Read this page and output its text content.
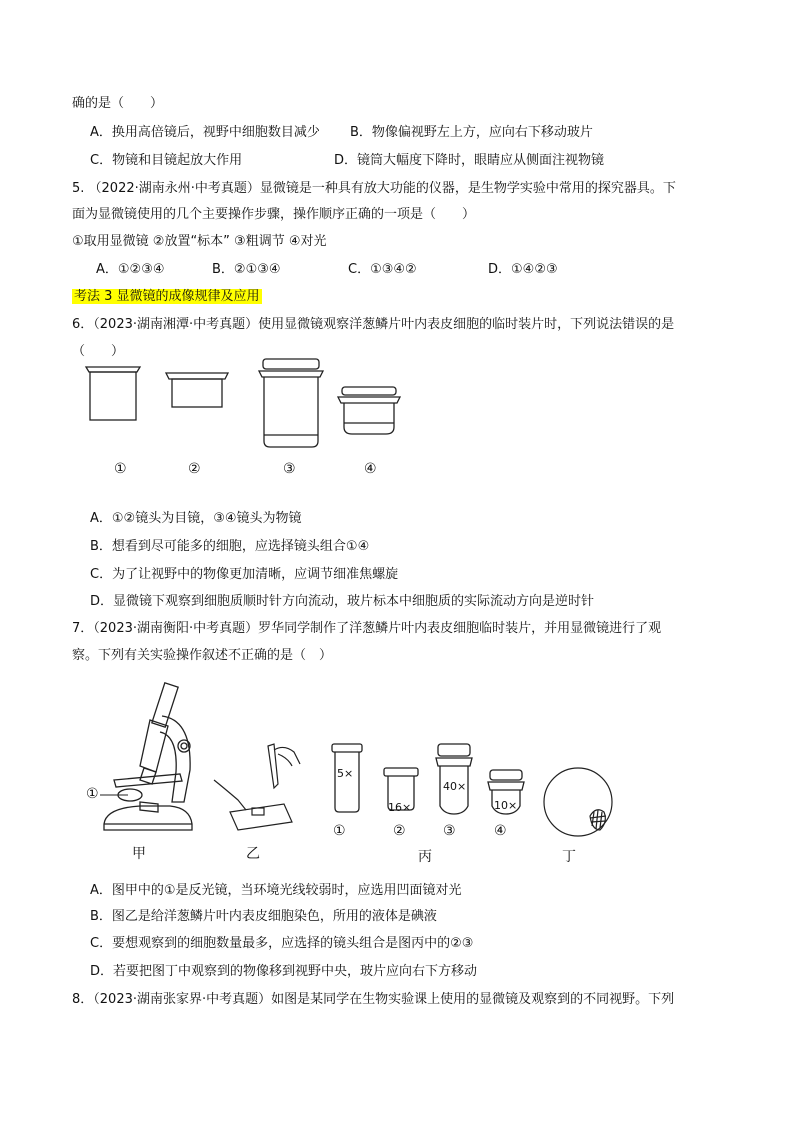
确的是（　　）
A．换用高倍镜后，视野中细胞数目减少 B．物像偏视野左上方，应向右下移动玻片
C．物镜和目镜起放大作用	D．镜筒大幅度下降时，眼睛应从侧面注视物镜
5. （2022·湖南永州·中考真题）显微镜是一种具有放大功能的仪器，是生物学实验中常用的探究器具。下
面为显微镜使用的几个主要操作步骤，操作顺序正确的一项是（　　）
①取用显微镜 ②放置“标本” ③粗调节 ④对光
A．①②③④	B．②①③④	C．①③④②	D．①④②③
考法 3 显微镜的成像规律及应用
6．（2023·湖南湘潭·中考真题）使用显微镜观察洋葱鳞片叶内表皮细胞的临时装片时，下列说法错误的是
（　　）
①	②	③	④
A．①②镜头为目镜，③④镜头为物镜
B．想看到尽可能多的细胞，应选择镜头组合①④
C．为了让视野中的物像更加清晰，应调节细准焦螺旋
D．显微镜下观察到细胞质顺时针方向流动，玻片标本中细胞质的实际流动方向是逆时针
7．（2023·湖南衡阳·中考真题）罗华同学制作了洋葱鳞片叶内表皮细胞临时装片，并用显微镜进行了观
察。下列有关实验操作叙述不正确的是（　）
①
甲	乙
5×
16×
40×
10×
①	②	③	④
丙	丁
A．图甲中的①是反光镜，当环境光线较弱时，应选用凹面镜对光
B．图乙是给洋葱鳞片叶内表皮细胞染色，所用的液体是碘液
C．要想观察到的细胞数量最多，应选择的镜头组合是图丙中的②③
D．若要把图丁中观察到的物像移到视野中央，玻片应向右下方移动
8．（2023·湖南张家界·中考真题）如图是某同学在生物实验课上使用的显微镜及观察到的不同视野。下列
